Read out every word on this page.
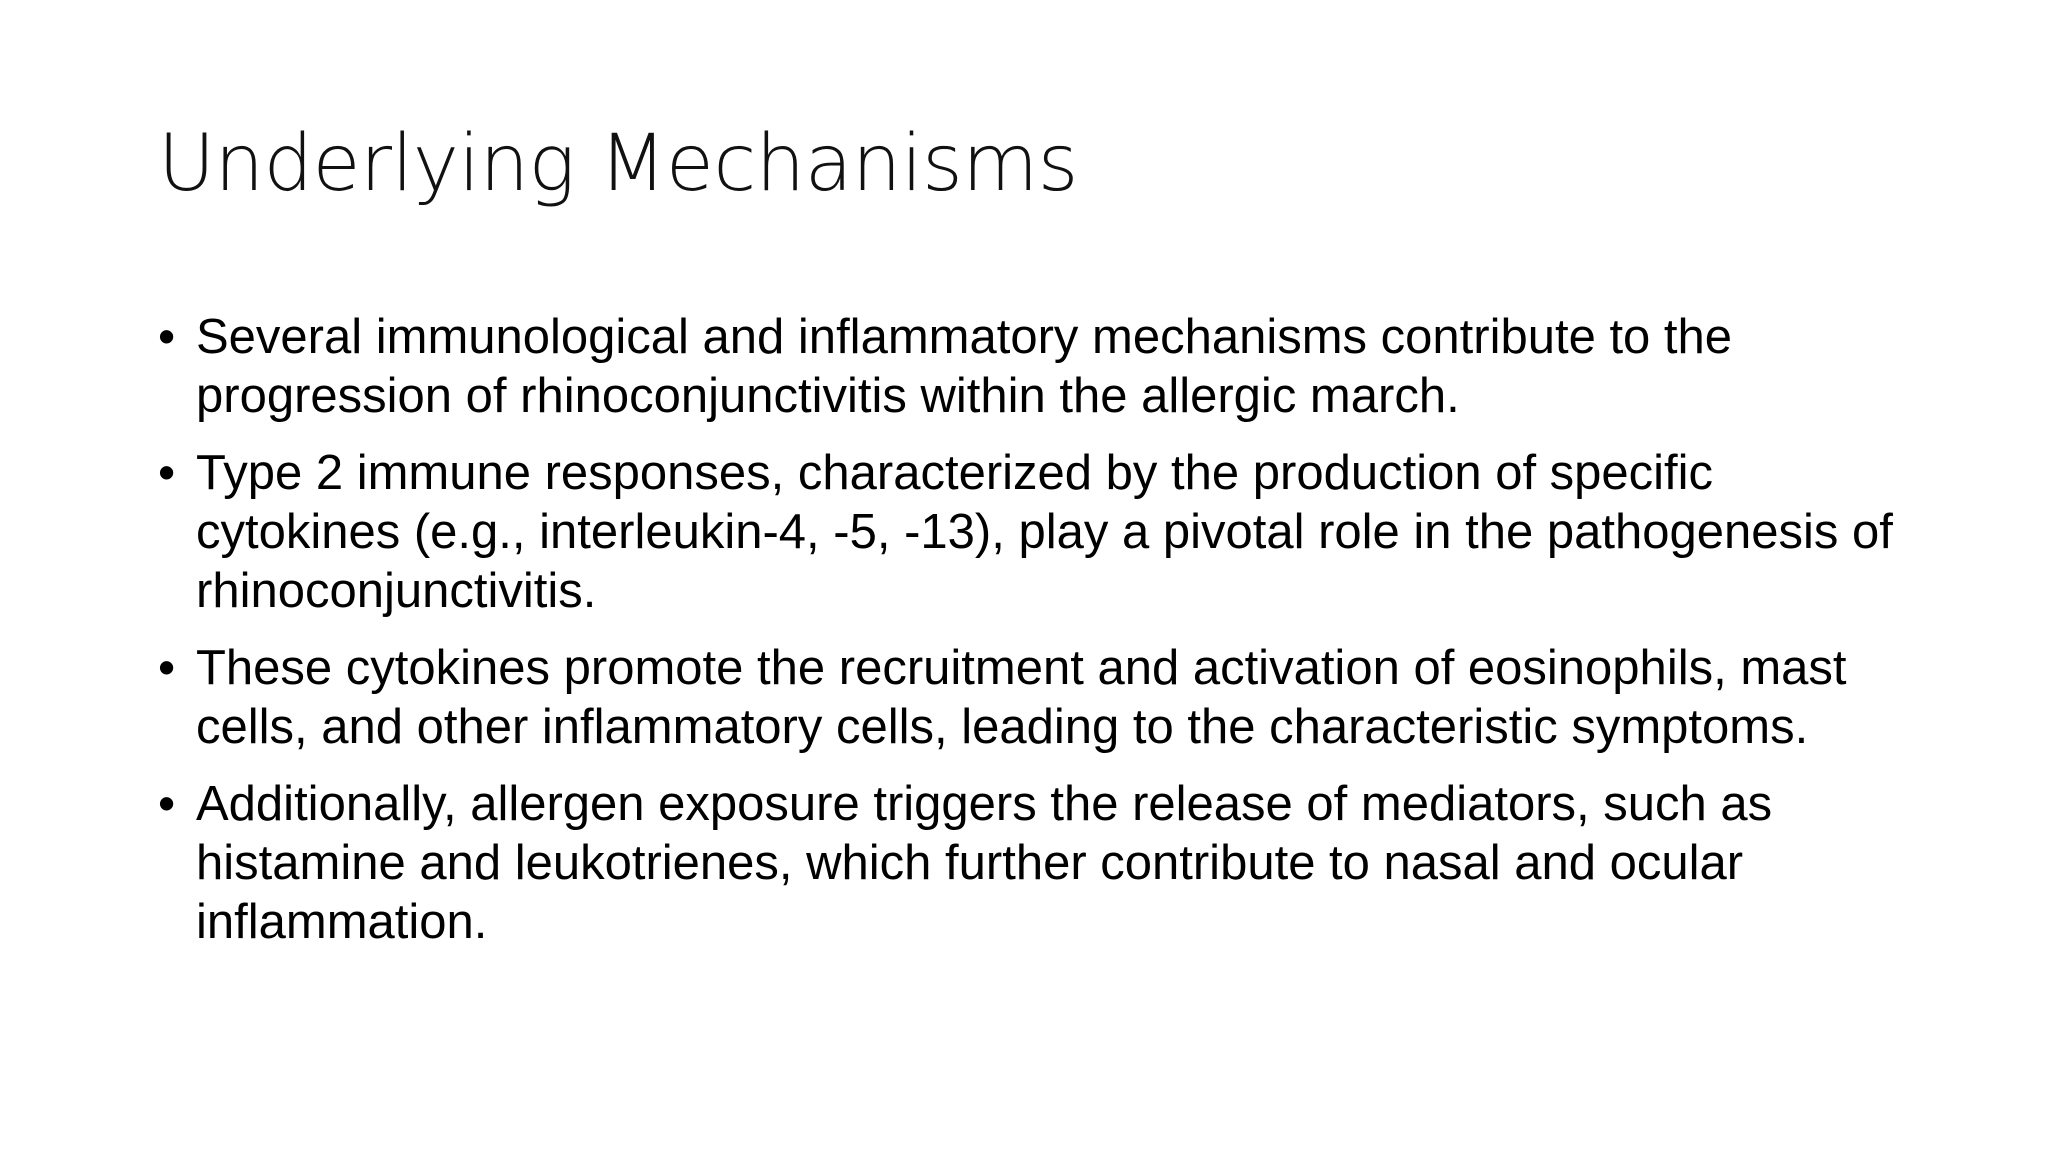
Underlying Mechanisms
• Several immunological and inflammatory mechanisms contribute to the progression of rhinoconjunctivitis within the allergic march.
• Type 2 immune responses, characterized by the production of specific cytokines (e.g., interleukin-4, -5, -13), play a pivotal role in the pathogenesis of rhinoconjunctivitis.
• These cytokines promote the recruitment and activation of eosinophils, mast cells, and other inflammatory cells, leading to the characteristic symptoms.
• Additionally, allergen exposure triggers the release of mediators, such as histamine and leukotrienes, which further contribute to nasal and ocular inflammation.
